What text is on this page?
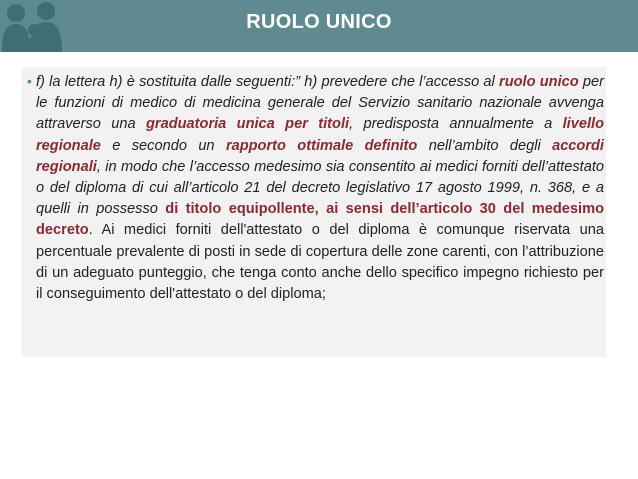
RUOLO UNICO
• f) la lettera h) è sostituita dalle seguenti:” h) prevedere che l’accesso al ruolo unico per le funzioni di medico di medicina generale del Servizio sanitario nazionale avvenga attraverso una graduatoria unica per titoli, predisposta annualmente a livello regionale e secondo un rapporto ottimale definito nell’ambito degli accordi regionali, in modo che l’accesso medesimo sia consentito ai medici forniti dell’attestato o del diploma di cui all’articolo 21 del decreto legislativo 17 agosto 1999, n. 368, e a quelli in possesso di titolo equipollente, ai sensi dell’articolo 30 del medesimo decreto. Ai medici forniti dell'attestato o del diploma è comunque riservata una percentuale prevalente di posti in sede di copertura delle zone carenti, con l’attribuzione di un adeguato punteggio, che tenga conto anche dello specifico impegno richiesto per il conseguimento dell'attestato o del diploma;
